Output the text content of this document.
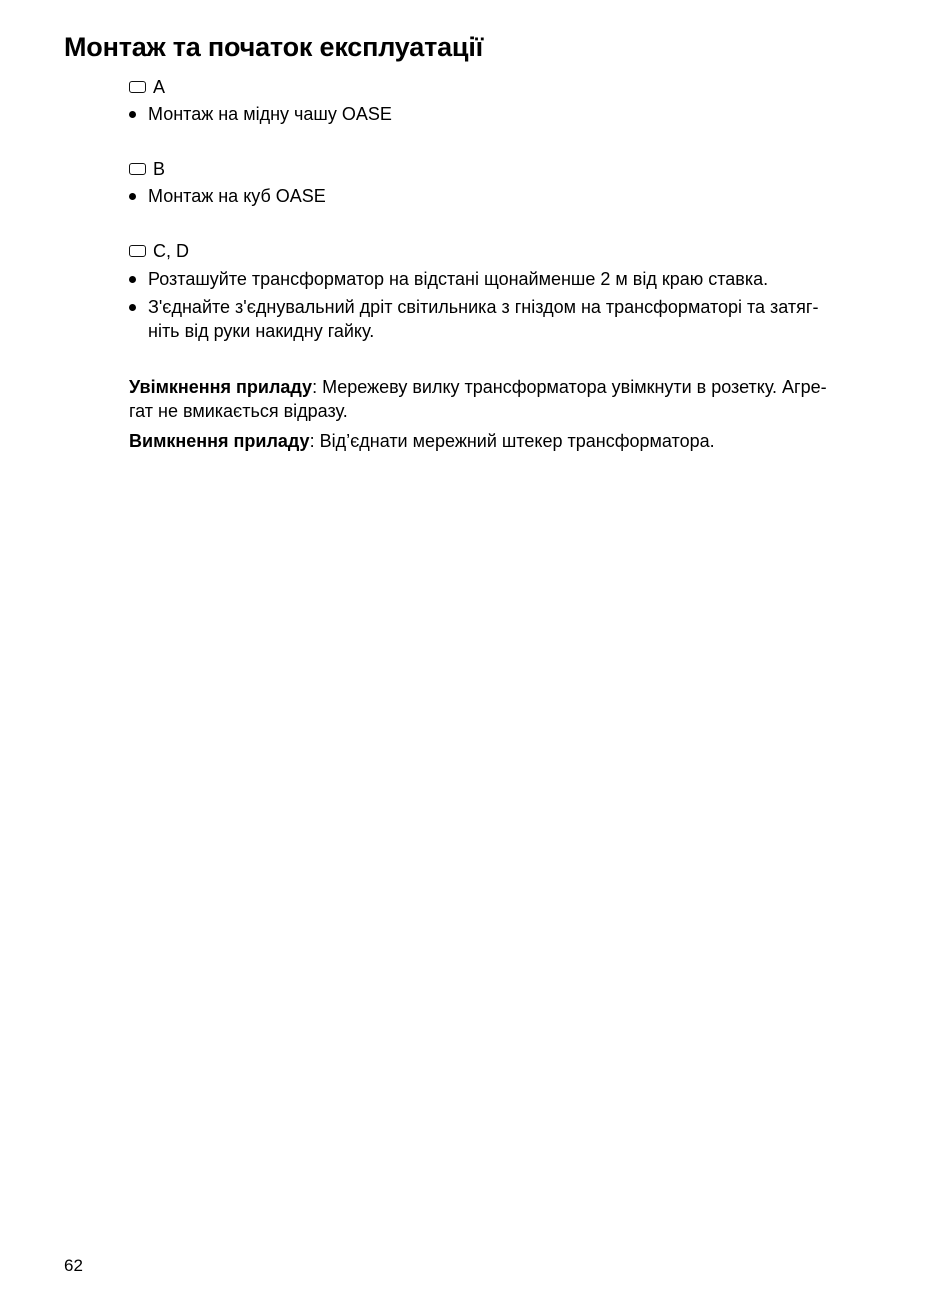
Монтаж та початок експлуатації
A
Монтаж на мідну чашу OASE
B
Монтаж на куб OASE
C, D
Розташуйте трансформатор на відстані щонайменше 2 м від краю ставка.
З'єднайте з'єднувальний дріт світильника з гніздом на трансформаторі та затяг-
ніть від руки накидну гайку.

Увімкнення приладу: Мережеву вилку трансформатора увімкнути в розетку. Агре-
гат не вмикається відразу.

Вимкнення приладу: Від’єднати мережний штекер трансформатора.

62
